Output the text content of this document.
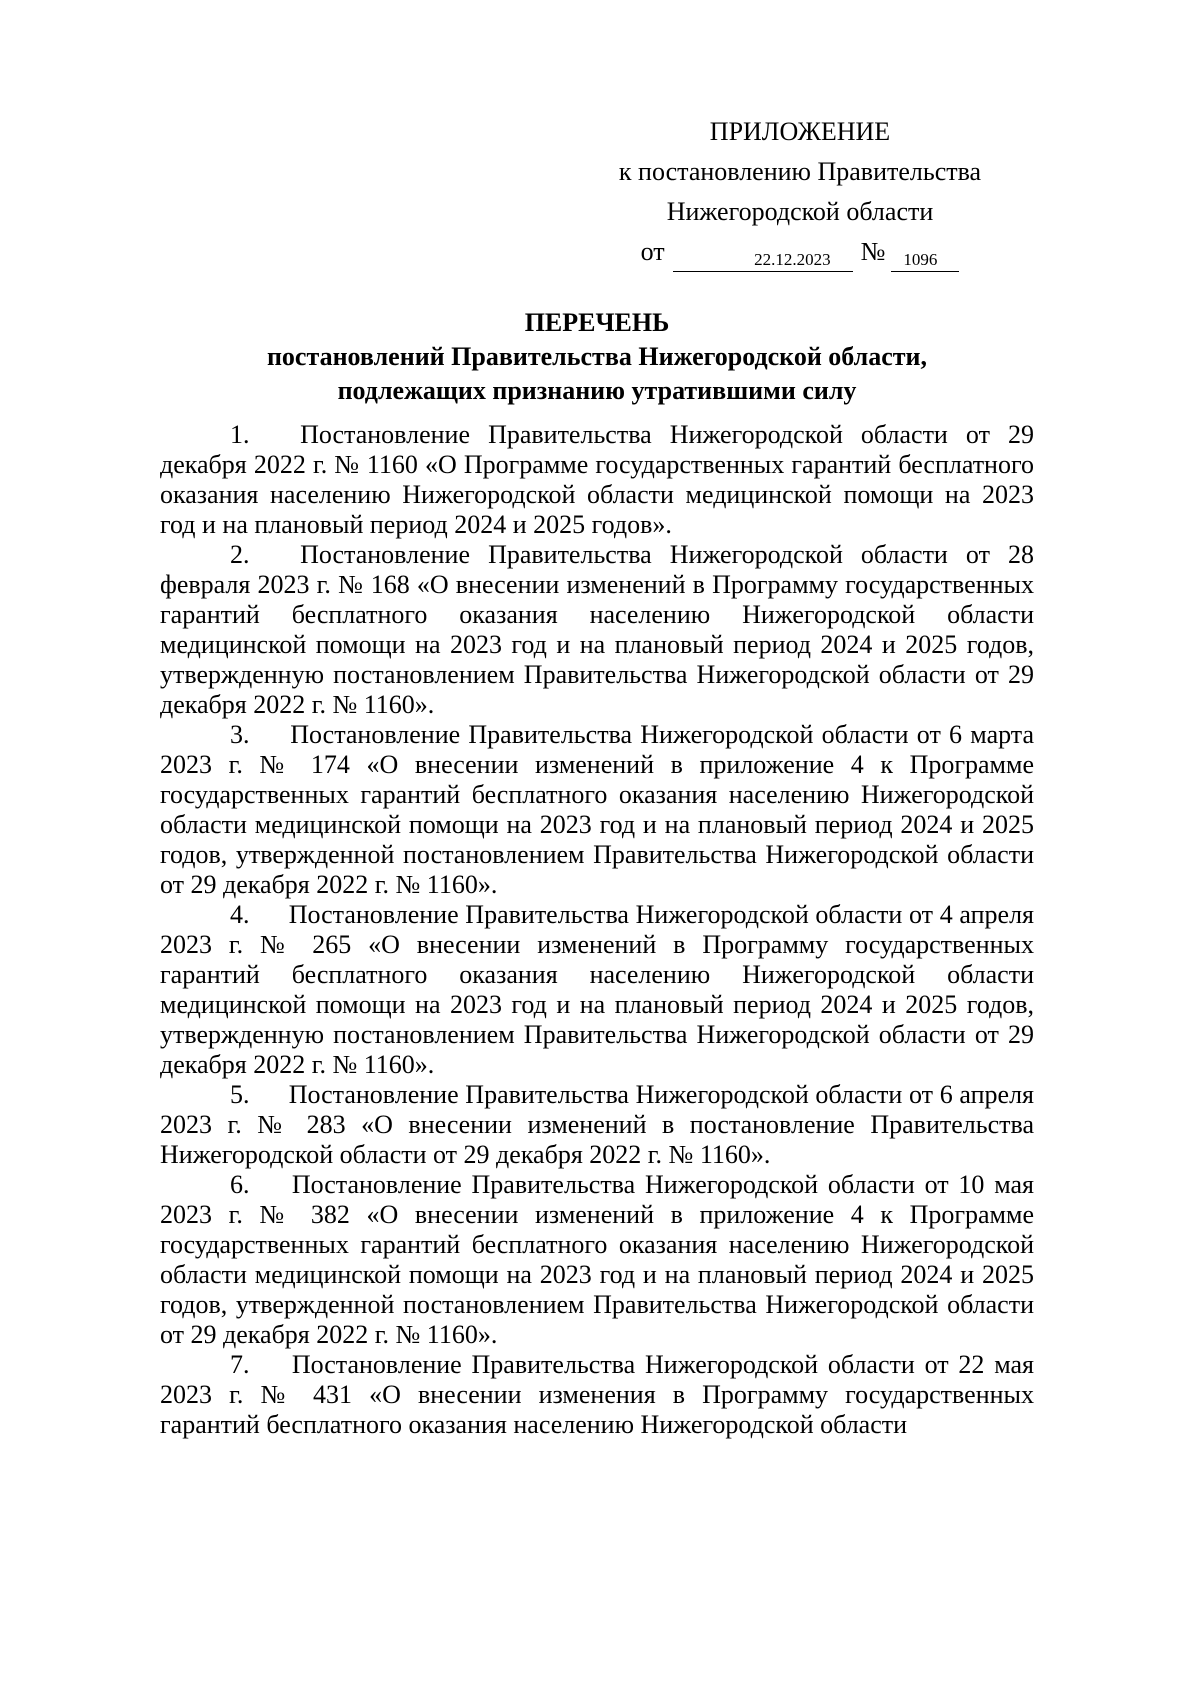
ПРИЛОЖЕНИЕ
к постановлению Правительства
Нижегородской области
от	22.12.2023	№	1096
ПЕРЕЧЕНЬ
постановлений Правительства Нижегородской области,
подлежащих признанию утратившими силу

1. Постановление Правительства Нижегородской области от 29 декабря 2022 г. № 1160 «О Программе государственных гарантий бесплатного оказания населению Нижегородской области медицинской помощи на 2023 год и на плановый период 2024 и 2025 годов».

2. Постановление Правительства Нижегородской области от 28 февраля 2023 г. № 168 «О внесении изменений в Программу государственных гарантий бесплатного оказания населению Нижегородской области медицинской помощи на 2023 год и на плановый период 2024 и 2025 годов, утвержденную постановлением Правительства Нижегородской области от 29 декабря 2022 г. № 1160».

3. Постановление Правительства Нижегородской области от 6 марта 2023 г. № 174 «О внесении изменений в приложение 4 к Программе государственных гарантий бесплатного оказания населению Нижегородской области медицинской помощи на 2023 год и на плановый период 2024 и 2025 годов, утвержденной постановлением Правительства Нижегородской области от 29 декабря 2022 г. № 1160».

4. Постановление Правительства Нижегородской области от 4 апреля 2023 г. № 265 «О внесении изменений в Программу государственных гарантий бесплатного оказания населению Нижегородской области медицинской помощи на 2023 год и на плановый период 2024 и 2025 годов, утвержденную постановлением Правительства Нижегородской области от 29 декабря 2022 г. № 1160».

5. Постановление Правительства Нижегородской области от 6 апреля 2023 г. № 283 «О внесении изменений в постановление Правительства Нижегородской области от 29 декабря 2022 г. № 1160».

6. Постановление Правительства Нижегородской области от 10 мая 2023 г. № 382 «О внесении изменений в приложение 4 к Программе государственных гарантий бесплатного оказания населению Нижегородской области медицинской помощи на 2023 год и на плановый период 2024 и 2025 годов, утвержденной постановлением Правительства Нижегородской области от 29 декабря 2022 г. № 1160».

7. Постановление Правительства Нижегородской области от 22 мая 2023 г. № 431 «О внесении изменения в Программу государственных гарантий бесплатного оказания населению Нижегородской области
